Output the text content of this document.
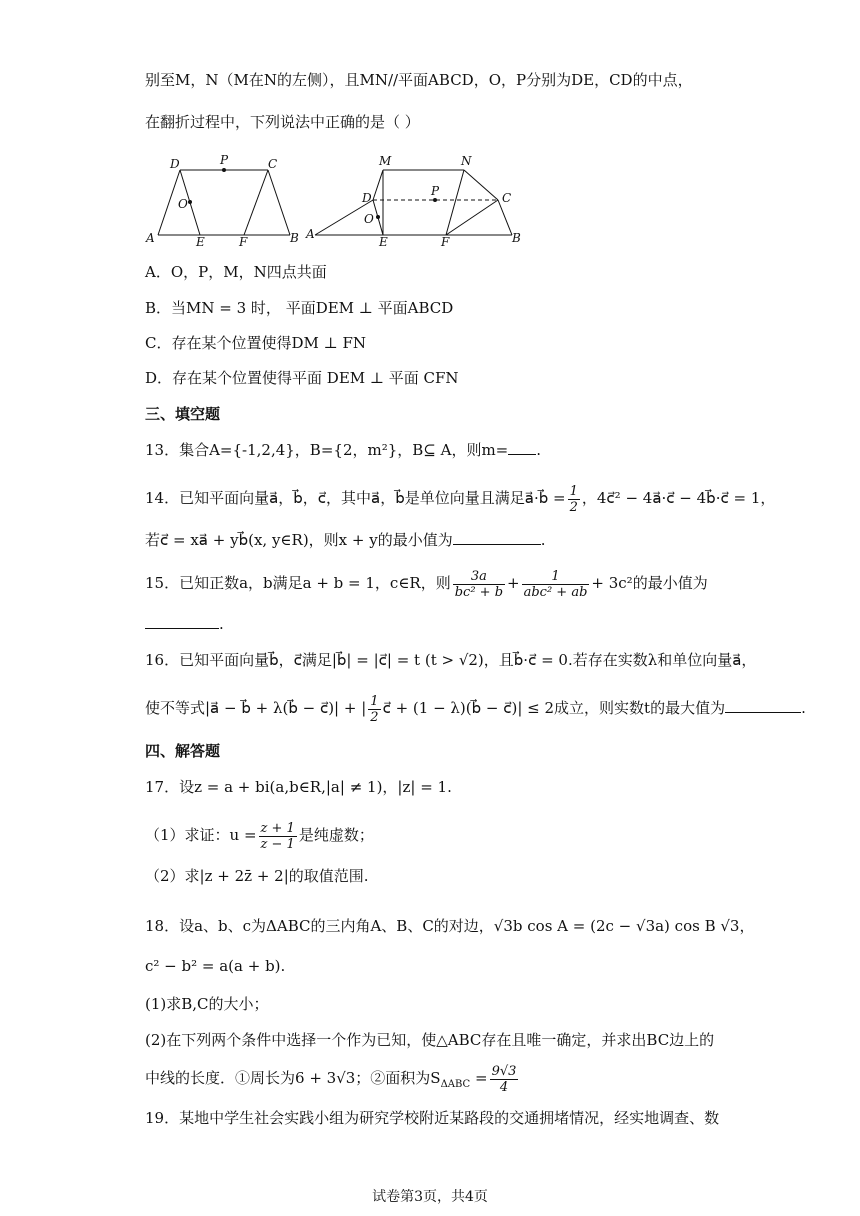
别至M，N（M在N的左侧），且MN//平面ABCD，O，P分别为DE，CD的中点，
在翻折过程中，下列说法中正确的是（ ）
D	P	C
O
A	E	F	B
M	N
D	P	C
O
A
E	F	B
A．O，P，M，N四点共面
B．当MN = 3 时， 平面DEM ⊥ 平面ABCD
C．存在某个位置使得DM ⊥ FN
D．存在某个位置使得平面 DEM ⊥ 平面 CFN
三、填空题
13．集合A={-1,2,4}，B={2，m²}，B⊆ A，则m= .
14．已知平面向量a⃗，b⃗，c⃗，其中a⃗，b⃗是单位向量且满足a⃗·b⃗ = $\frac{1}{2}$ ，4c⃗² − 4a⃗·c⃗ − 4b⃗·c⃗ = 1，
若c⃗ = xa⃗ + yb⃗(x, y∈R)，则x + y的最小值为	.
15．已知正数a，b满足a + b = 1，c∈R，则 $\frac{3a}{\text{bc² + b}} + \frac{1}{\text{abc² + ab}} + 3c^2$的最小值为
.
16．已知平面向量b⃗，c⃗满足|b⃗| = |c⃗| = t (t > √2)，且b⃗·c⃗ = 0.若存在实数λ和单位向量a⃗，
使不等式|a⃗ − b⃗ + λ(b⃗ − c⃗)| + | $\frac{1}{2}$ c⃗ + (1 − λ)(b⃗ − c⃗)| ≤ 2成立，则实数t的最大值为	.
四、解答题
17．设z = a + bi(a,b∈R,|a| ≠ 1)，|z| = 1.
（1）求证：$u = \frac{z + 1}{z - 1}$ 是纯虚数；
（2）求|z + 2z̄ + 2|的取值范围.
18．设a、b、c为ΔABC的三内角A、B、C的对边，√3b cos A = (2c − √3a) cos B √3，
c² − b² = a(a + b).
(1)求B,C的大小；
(2)在下列两个条件中选择一个作为已知，使△ABC存在且唯一确定，并求出BC边上的
中线的长度．①周长为6 + 3√3；②面积为$S_{\Delta ABC} = \frac{9√3}{4}$
19．某地中学生社会实践小组为研究学校附近某路段的交通拥堵情况，经实地调查、数
试卷第3页，共4页
